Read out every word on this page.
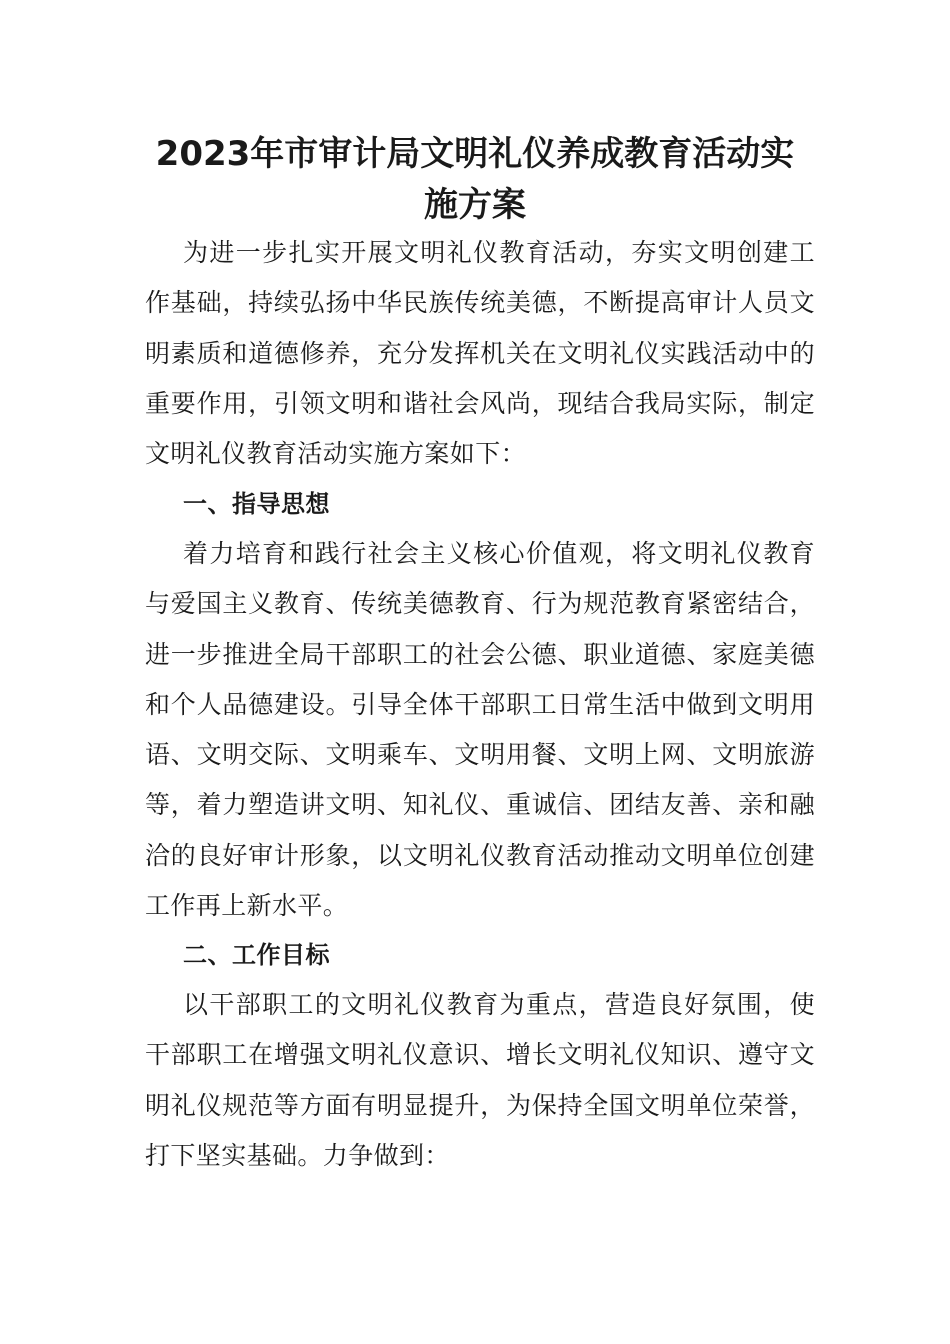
2023年市审计局文明礼仪养成教育活动实
施方案

为进一步扎实开展文明礼仪教育活动，夯实文明创建工作基础，持续弘扬中华民族传统美德，不断提高审计人员文明素质和道德修养，充分发挥机关在文明礼仪实践活动中的重要作用，引领文明和谐社会风尚，现结合我局实际，制定文明礼仪教育活动实施方案如下：

一、指导思想

着力培育和践行社会主义核心价值观，将文明礼仪教育与爱国主义教育、传统美德教育、行为规范教育紧密结合，进一步推进全局干部职工的社会公德、职业道德、家庭美德和个人品德建设。引导全体干部职工日常生活中做到文明用语、文明交际、文明乘车、文明用餐、文明上网、文明旅游等，着力塑造讲文明、知礼仪、重诚信、团结友善、亲和融洽的良好审计形象，以文明礼仪教育活动推动文明单位创建工作再上新水平。

二、工作目标

以干部职工的文明礼仪教育为重点，营造良好氛围，使干部职工在增强文明礼仪意识、增长文明礼仪知识、遵守文明礼仪规范等方面有明显提升，为保持全国文明单位荣誉，打下坚实基础。力争做到：
